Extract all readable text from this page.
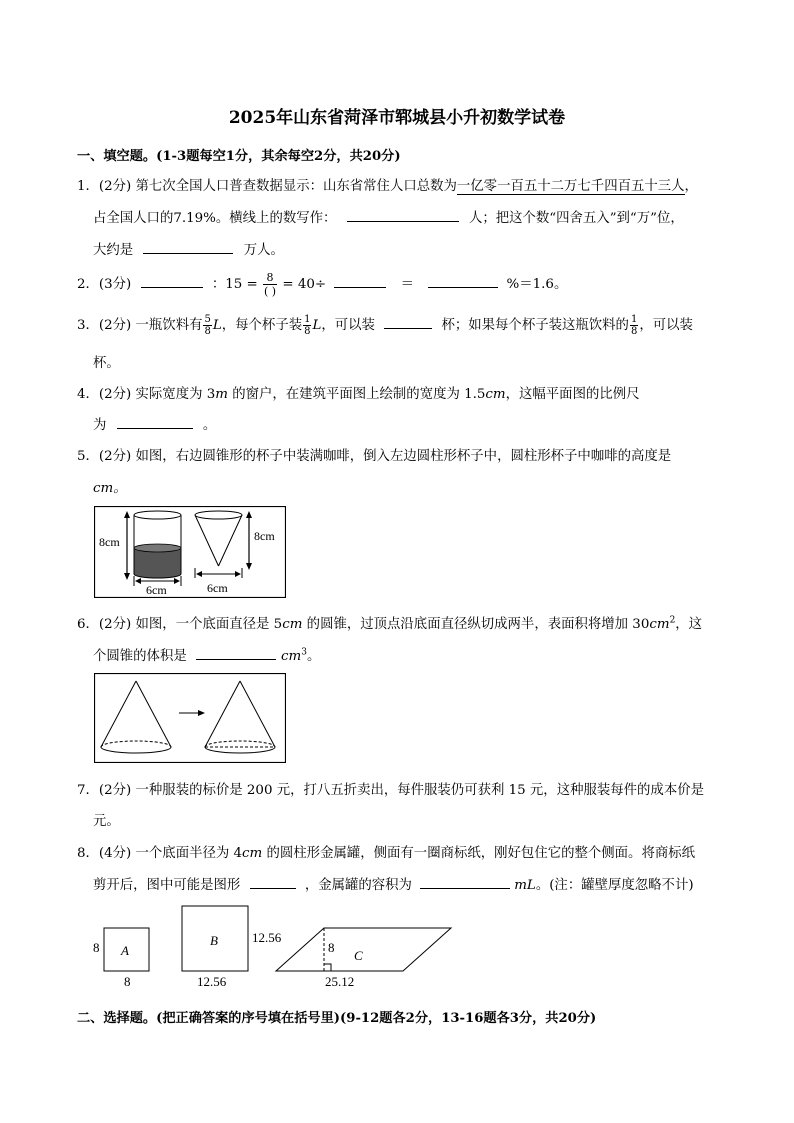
2025年山东省菏泽市郓城县小升初数学试卷
一、填空题。(1-3题每空1分，其余每空2分，共20分)
1．(2分) 第七次全国人口普查数据显示：山东省常住人口总数为一亿零一百五十二万七千四百五十三人，
占全国人口的7.19%。横线上的数写作：	人；把这个数“四舍五入”到“万”位，
大约是	万人。
2．(3分)	：$15 = \frac{8}{( )} = 40\div$	＝	%＝1.6。
3．(2分) 一瓶饮料有 $\frac{5}{8}$ L，每个杯子装 $\frac{1}{8}$ L，可以装	杯；如果每个杯子装这瓶饮料的 $\frac{1}{8}$ ，可以装
杯。
4．(2分) 实际宽度为 3m 的窗户，在建筑平面图上绘制的宽度为 1.5cm，这幅平面图的比例尺
为	。
5．(2分) 如图，右边圆锥形的杯子中装满咖啡，倒入左边圆柱形杯子中，圆柱形杯子中咖啡的高度是
cm。
8cm
6cm
8cm
6cm
6．(2分) 如图，一个底面直径是 5cm 的圆锥，过顶点沿底面直径纵切成两半，表面积将增加 $30cm^2$，这
个圆锥的体积是	$cm^3$。
7．(2分) 一种服装的标价是 200 元，打八五折卖出，每件服装仍可获利 15 元，这种服装每件的成本价是
元。
8．(4分) 一个底面半径为 4cm 的圆柱形金属罐，侧面有一圈商标纸，刚好包住它的整个侧面。将商标纸
剪开后，图中可能是图形	，金属罐的容积为	mL。(注：罐壁厚度忽略不计)
A
8
8
B	12.56
12.56
8
C
25.12
二、选择题。(把正确答案的序号填在括号里)(9-12题各2分，13-16题各3分，共20分)
